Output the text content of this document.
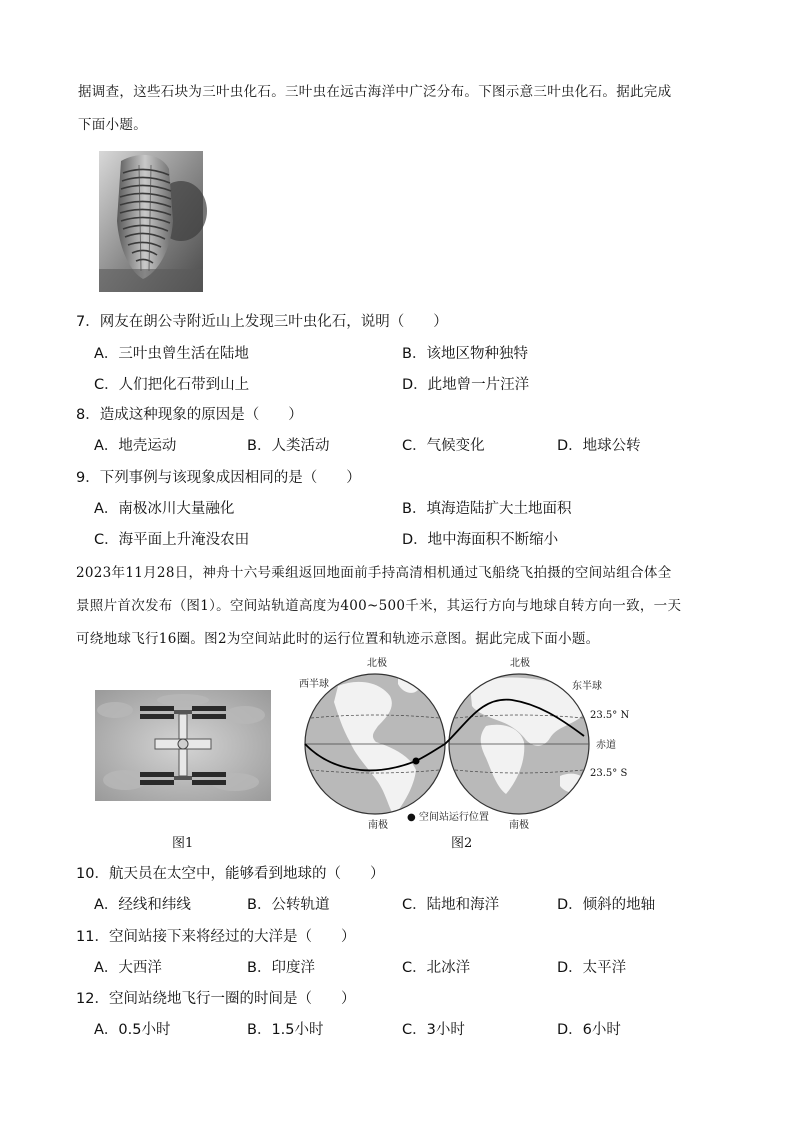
据调查，这些石块为三叶虫化石。三叶虫在远古海洋中广泛分布。下图示意三叶虫化石。据此完成
下面小题。
7．网友在朗公寺附近山上发现三叶虫化石，说明（　　）
A．三叶虫曾生活在陆地	B．该地区物种独特
C．人们把化石带到山上	D．此地曾一片汪洋
8．造成这种现象的原因是（　　）
A．地壳运动	B．人类活动	C．气候变化	D．地球公转
9．下列事例与该现象成因相同的是（　　）
A．南极冰川大量融化	B．填海造陆扩大土地面积
C．海平面上升淹没农田	D．地中海面积不断缩小
2023年11月28日，神舟十六号乘组返回地面前手持高清相机通过飞船绕飞拍摄的空间站组合体全
景照片首次发布（图1）。空间站轨道高度为400~500千米，其运行方向与地球自转方向一致，一天
可绕地球飞行16圈。图2为空间站此时的运行位置和轨迹示意图。据此完成下面小题。
图1
北极	北极
西半球	东半球
23.5° N
赤道
23.5° S
南极	南极
● 空间站运行位置
图2
10．航天员在太空中，能够看到地球的（　　）
A．经线和纬线	B．公转轨道	C．陆地和海洋	D．倾斜的地轴
11．空间站接下来将经过的大洋是（　　）
A．大西洋	B．印度洋	C．北冰洋	D．太平洋
12．空间站绕地飞行一圈的时间是（　　）
A．0.5小时	B．1.5小时	C．3小时	D．6小时
